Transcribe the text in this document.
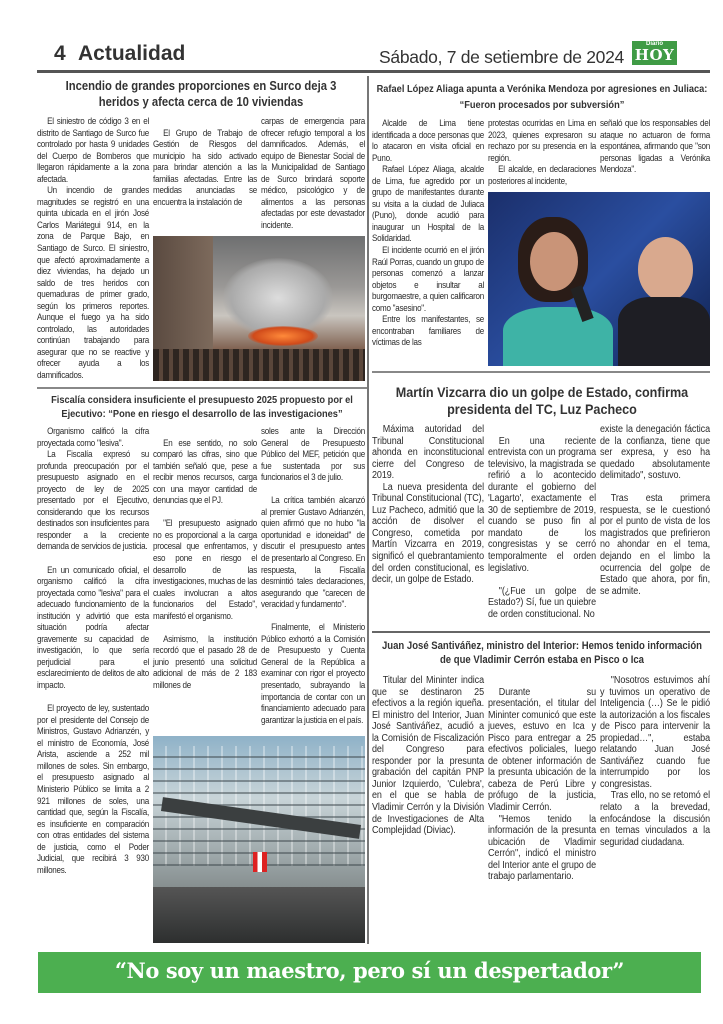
4 Actualidad	Sábado, 7 de setiembre de 2024
Diario
HOY
Incendio de grandes proporciones en Surco deja 3 heridos y afecta cerca de 10 viviendas

El siniestro de código 3 en el distrito de Santiago de Surco fue controlado por hasta 9 unidades del Cuerpo de Bomberos que llegaron rápidamente a la zona afectada.

Un incendio de grandes magnitudes se registró en una quinta ubicada en el jirón José Carlos Mariátegui 914, en la zona de Parque Bajo, en Santiago de Surco. El siniestro, que afectó aproximadamente a diez viviendas, ha dejado un saldo de tres heridos con quemaduras de primer grado, según los primeros reportes. Aunque el fuego ya ha sido controlado, las autoridades continúan trabajando para asegurar que no se reactive y ofrecer ayuda a los damnificados.

El Grupo de Trabajo de Gestión de Riesgos del municipio ha sido activado para brindar atención a las familias afectadas. Entre las medidas anunciadas se encuentra la instalación de

carpas de emergencia para ofrecer refugio temporal a los damnificados. Además, el equipo de Bienestar Social de la Municipalidad de Santiago de Surco brindará soporte médico, psicológico y de alimentos a las personas afectadas por este devastador incidente.

Fiscalía considera insuficiente el presupuesto 2025 propuesto por el Ejecutivo: “Pone en riesgo el desarrollo de las investigaciones”

Organismo calificó la cifra proyectada como "lesiva".

La Fiscalía expresó su profunda preocupación por el presupuesto asignado en el proyecto de ley de 2025 presentado por el Ejecutivo, considerando que los recursos destinados son insuficientes para responder a la creciente demanda de servicios de justicia.

En un comunicado oficial, el organismo calificó la cifra proyectada como "lesiva" para el adecuado funcionamiento de la institución y advirtió que esta situación podría afectar gravemente su capacidad de investigación, lo que sería perjudicial para el esclarecimiento de delitos de alto impacto.

El proyecto de ley, sustentado por el presidente del Consejo de Ministros, Gustavo Adrianzén, y el ministro de Economía, José Arista, asciende a 252 mil millones de soles. Sin embargo, el presupuesto asignado al Ministerio Público se limita a 2 921 millones de soles, una cantidad que, según la Fiscalía, es insuficiente en comparación con otras entidades del sistema de justicia, como el Poder Judicial, que recibirá 3 930 millones.

En ese sentido, no solo comparó las cifras, sino que también señaló que, pese a recibir menos recursos, carga con una mayor cantidad de denuncias que el PJ.

"El presupuesto asignado no es proporcional a la carga procesal que enfrentamos, y eso pone en riesgo el desarrollo de las investigaciones, muchas de las cuales involucran a altos funcionarios del Estado", manifestó el organismo.

Asimismo, la institución recordó que el pasado 28 de junio presentó una solicitud adicional de más de 2 183 millones de

soles ante la Dirección General de Presupuesto Público del MEF, petición que fue sustentada por sus funcionarios el 3 de julio.

La crítica también alcanzó al premier Gustavo Adrianzén, quien afirmó que no hubo "la oportunidad e idoneidad" de discutir el presupuesto antes de presentarlo al Congreso. En respuesta, la Fiscalía desmintió tales declaraciones, asegurando que "carecen de veracidad y fundamento".

Finalmente, el Ministerio Público exhortó a la Comisión de Presupuesto y Cuenta General de la República a examinar con rigor el proyecto presentado, subrayando la importancia de contar con un financiamiento adecuado para garantizar la justicia en el país.

Rafael López Aliaga apunta a Verónika Mendoza por agresiones en Juliaca: “Fueron procesados por subversión”

Alcalde de Lima tiene identificada a doce personas que lo atacaron en visita oficial en Puno.

Rafael López Aliaga, alcalde de Lima, fue agredido por un grupo de manifestantes durante su visita a la ciudad de Juliaca (Puno), donde acudió para inaugurar un Hospital de la Solidaridad.

El incidente ocurrió en el jirón Raúl Porras, cuando un grupo de personas comenzó a lanzar objetos e insultar al burgomaestre, a quien calificaron como "asesino".

Entre los manifestantes, se encontraban familiares de víctimas de las

protestas ocurridas en Lima en 2023, quienes expresaron su rechazo por su presencia en la región.

El alcalde, en declaraciones posteriores al incidente,

señaló que los responsables del ataque no actuaron de forma espontánea, afirmando que "son personas ligadas a Verónika Mendoza".

Martín Vizcarra dio un golpe de Estado, confirma presidenta del TC, Luz Pacheco

Máxima autoridad del Tribunal Constitucional ahonda en inconstitucional cierre del Congreso de 2019.

La nueva presidenta del Tribunal Constitucional (TC), Luz Pacheco, admitió que la acción de disolver el Congreso, cometida por Martín Vizcarra en 2019, significó el quebrantamiento del orden constitucional, es decir, un golpe de Estado.

En una reciente entrevista con un programa televisivo, la magistrada se refirió a lo acontecido durante el gobierno del 'Lagarto', exactamente el 30 de septiembre de 2019, cuando se puso fin al mandato de los congresistas y se cerró temporalmente el orden legislativo.

"(¿Fue un golpe de Estado?) Sí, fue un quiebre de orden constitucional. No

existe la denegación fáctica de la confianza, tiene que ser expresa, y eso ha quedado absolutamente delimitado", sostuvo.

Tras esta primera respuesta, se le cuestionó por el punto de vista de los magistrados que prefirieron no ahondar en el tema, dejando en el limbo la ocurrencia del golpe de Estado que ahora, por fin, se admite.

Juan José Santiváñez, ministro del Interior: Hemos tenido información de que Vladimir Cerrón estaba en Pisco o Ica

Titular del Mininter indica que se destinaron 25 efectivos a la región iqueña. El ministro del Interior, Juan José Santiváñez, acudió a la Comisión de Fiscalización del Congreso para responder por la presunta grabación del capitán PNP Junior Izquierdo, 'Culebra', en el que se habla de Vladimir Cerrón y la División de Investigaciones de Alta Complejidad (Diviac).

Durante su presentación, el titular del Mininter comunicó que este jueves, estuvo en Ica y Pisco para entregar a 25 efectivos policiales, luego de obtener información de la presunta ubicación de la cabeza de Perú Libre y prófugo de la justicia, Vladimir Cerrón.

"Hemos tenido la información de la presunta ubicación de Vladimir Cerrón", indicó el ministro del Interior ante el grupo de trabajo parlamentario.

"Nosotros estuvimos ahí y tuvimos un operativo de Inteligencia (…) Se le pidió la autorización a los fiscales de Pisco para intervenir la propiedad…", estaba relatando Juan José Santiváñez cuando fue interrumpido por los congresistas.

Tras ello, no se retomó el relato a la brevedad, enfocándose la discusión en temas vinculados a la seguridad ciudadana.

“No soy un maestro, pero sí un despertador”
